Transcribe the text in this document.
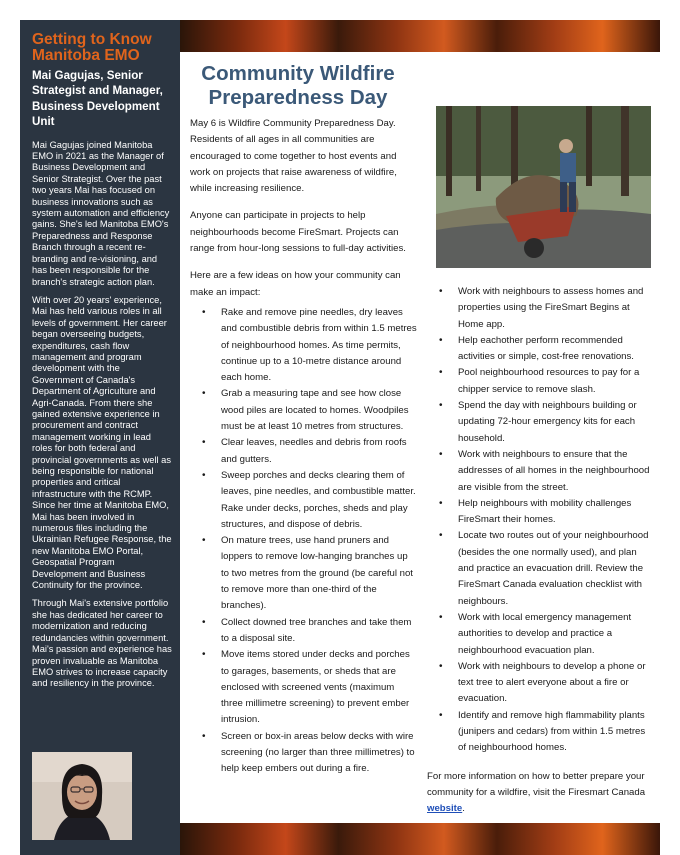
Getting to Know Manitoba EMO

Mai Gagujas, Senior Strategist and Manager, Business Development Unit

Mai Gagujas joined Manitoba EMO in 2021 as the Manager of Business Development and Senior Strategist. Over the past two years Mai has focused on business innovations such as system automation and efficiency gains. She's led Manitoba EMO's Preparedness and Response Branch through a recent re-branding and re-visioning, and has been responsible for the branch's strategic action plan.

With over 20 years' experience, Mai has held various roles in all levels of government. Her career began overseeing budgets, expenditures, cash flow management and program development with the Government of Canada's Department of Agriculture and Agri-Canada. From there she gained extensive experience in procurement and contract management working in lead roles for both federal and provincial governments as well as being responsible for national properties and critical infrastructure with the RCMP. Since her time at Manitoba EMO, Mai has been involved in numerous files including the Ukrainian Refugee Response, the new Manitoba EMO Portal, Geospatial Program Development and Business Continuity for the province.

Through Mai's extensive portfolio she has dedicated her career to modernization and reducing redundancies within government. Mai's passion and experience has proven invaluable as Manitoba EMO strives to increase capacity and resiliency in the province.

Community Wildfire Preparedness Day

May 6 is Wildfire Community Preparedness Day. Residents of all ages in all communities are encouraged to come together to host events and work on projects that raise awareness of wildfire, while increasing resilience.

Anyone can participate in projects to help neighbourhoods become FireSmart. Projects can range from hour-long sessions to full-day activities.

Here are a few ideas on how your community can make an impact:

• Rake and remove pine needles, dry leaves and combustible debris from within 1.5 metres of neighbourhood homes. As time permits, continue up to a 10-metre distance around each home.
• Grab a measuring tape and see how close wood piles are located to homes. Woodpiles must be at least 10 metres from structures.
• Clear leaves, needles and debris from roofs and gutters.
• Sweep porches and decks clearing them of leaves, pine needles, and combustible matter. Rake under decks, porches, sheds and play structures, and dispose of debris.
• On mature trees, use hand pruners and loppers to remove low-hanging branches up to two metres from the ground (be careful not to remove more than one-third of the branches).
• Collect downed tree branches and take them to a disposal site.
• Move items stored under decks and porches to garages, basements, or sheds that are enclosed with screened vents (maximum three millimetre screening) to prevent ember intrusion.
• Screen or box-in areas below decks with wire screening (no larger than three millimetres) to help keep embers out during a fire.
• Work with neighbours to assess homes and properties using the FireSmart Begins at Home app.
• Help eachother perform recommended activities or simple, cost-free renovations.
• Pool neighbourhood resources to pay for a chipper service to remove slash.
• Spend the day with neighbours building or updating 72-hour emergency kits for each household.
• Work with neighbours to ensure that the addresses of all homes in the neighbourhood are visible from the street.
• Help neighbours with mobility challenges FireSmart their homes.
• Locate two routes out of your neighbourhood (besides the one normally used), and plan and practice an evacuation drill. Review the FireSmart Canada evaluation checklist with neighbours.
• Work with local emergency management authorities to develop and practice a neighbourhood evacuation plan.
• Work with neighbours to develop a phone or text tree to alert everyone about a fire or evacuation.
• Identify and remove high flammability plants (junipers and cedars) from within 1.5 metres of neighbourhood homes.

For more information on how to better prepare your community for a wildfire, visit the Firesmart Canada website.
